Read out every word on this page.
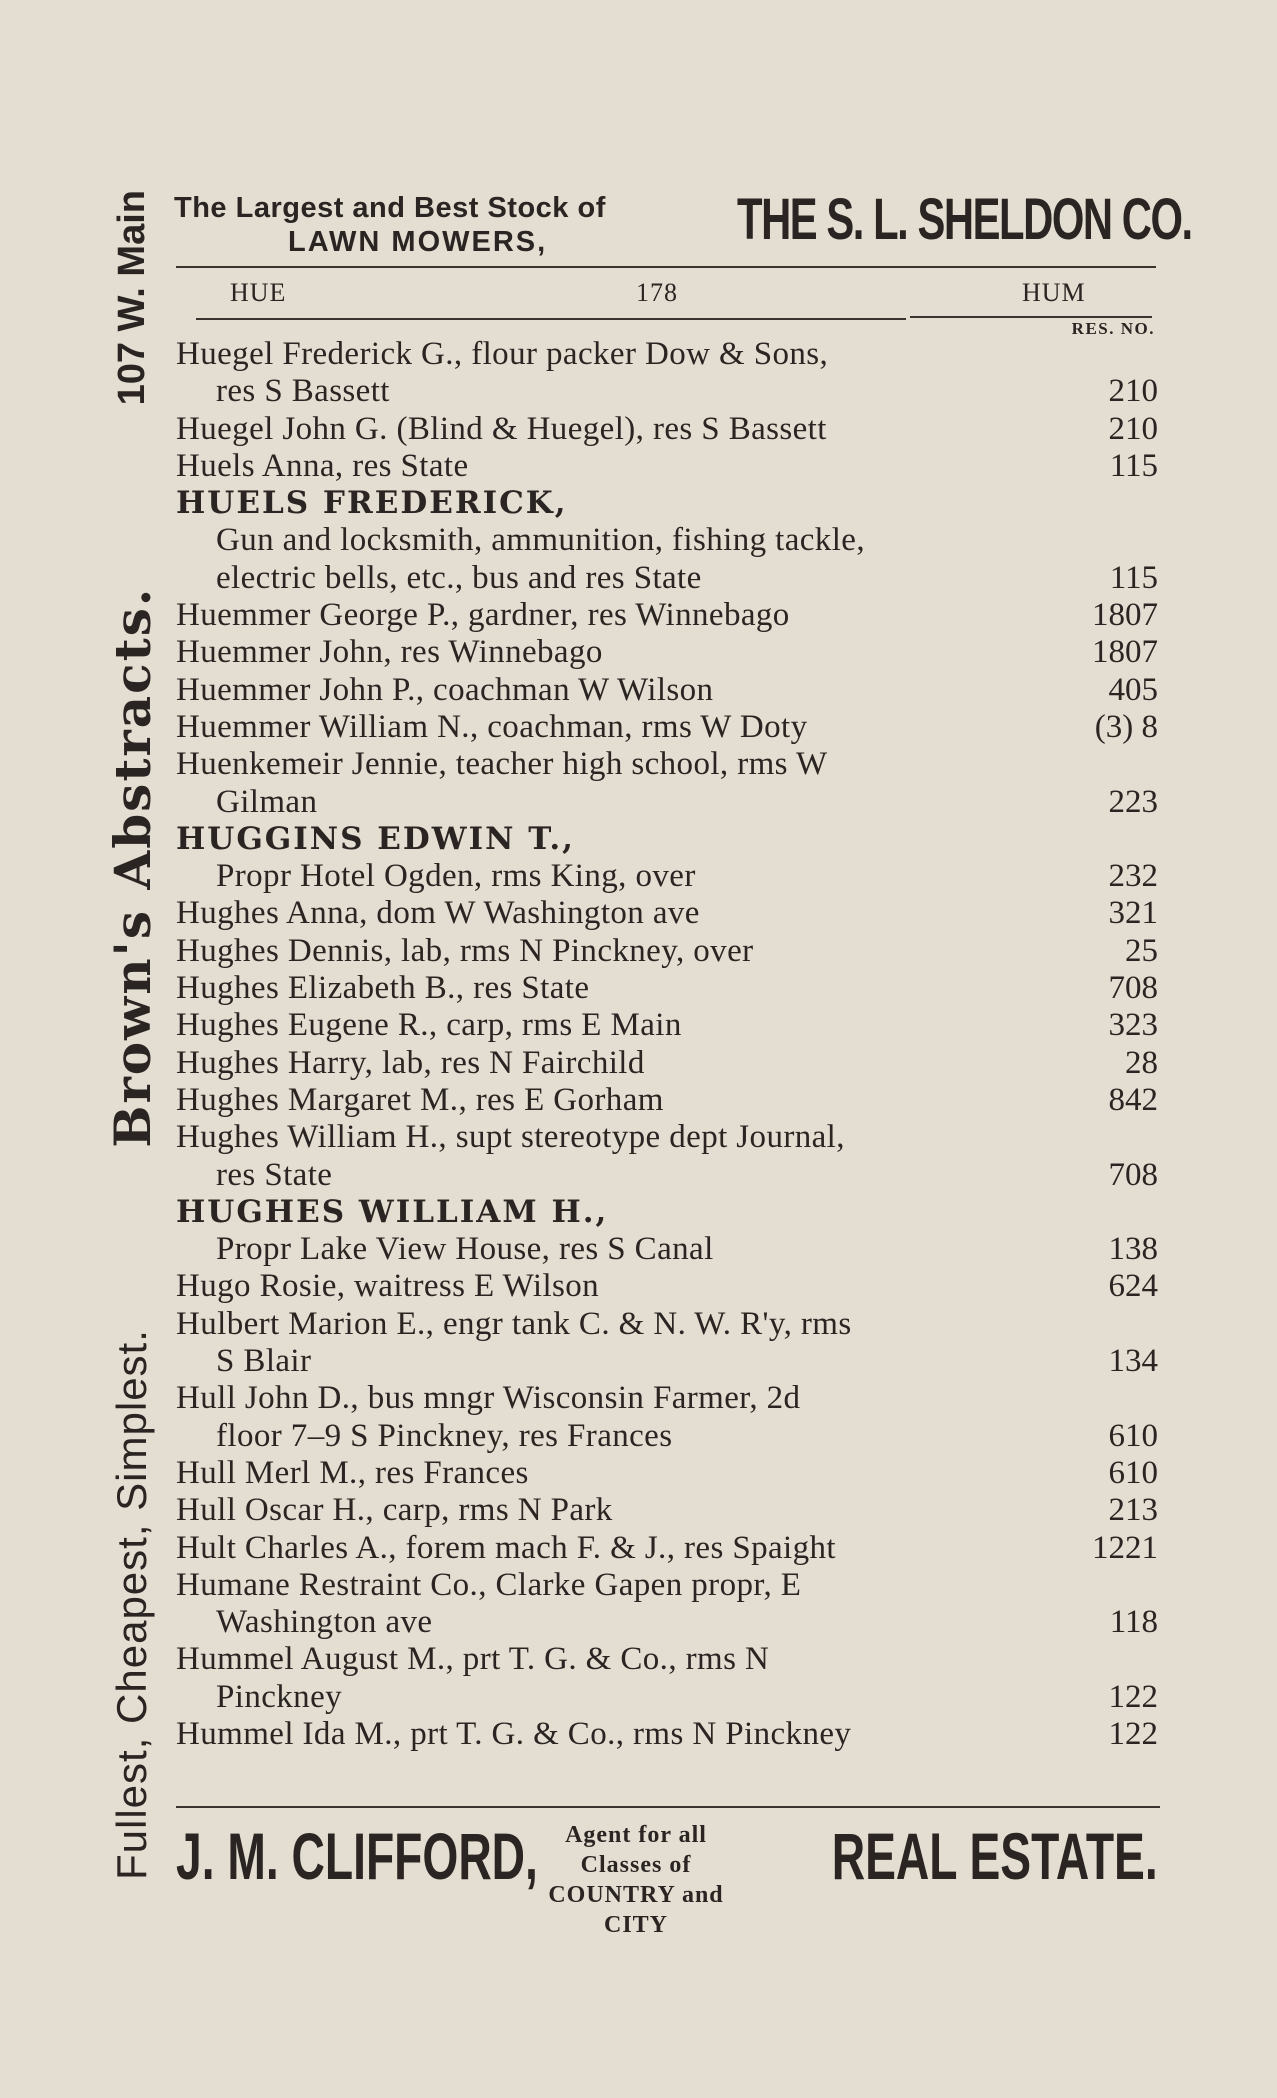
Fullest, Cheapest, Simplest.
Brown's Abstracts.
107 W. Main The Largest and Best Stock of
LAWN MOWERS,	THE S. L. SHELDON CO.
HUE	178	HUM
RES. NO.
Huegel Frederick G., flour packer Dow & Sons,
res S Bassett	210
Huegel John G. (Blind & Huegel), res S Bassett	210
Huels Anna, res State	115
HUELS FREDERICK,
Gun and locksmith, ammunition, fishing tackle,
electric bells, etc., bus and res State	115
Huemmer George P., gardner, res Winnebago	1807
Huemmer John, res Winnebago	1807
Huemmer John P., coachman W Wilson	405
Huemmer William N., coachman, rms W Doty	(3) 8
Huenkemeir Jennie, teacher high school, rms W
Gilman	223
HUGGINS EDWIN T.,
Propr Hotel Ogden, rms King, over	232
Hughes Anna, dom W Washington ave	321
Hughes Dennis, lab, rms N Pinckney, over	25
Hughes Elizabeth B., res State	708
Hughes Eugene R., carp, rms E Main	323
Hughes Harry, lab, res N Fairchild	28
Hughes Margaret M., res E Gorham	842
Hughes William H., supt stereotype dept Journal,
res State	708
HUGHES WILLIAM H.,
Propr Lake View House, res S Canal	138
Hugo Rosie, waitress E Wilson	624
Hulbert Marion E., engr tank C. & N. W. R'y, rms
S Blair	134
Hull John D., bus mngr Wisconsin Farmer, 2d
floor 7–9 S Pinckney, res Frances	610
Hull Merl M., res Frances	610
Hull Oscar H., carp, rms N Park	213
Hult Charles A., forem mach F. & J., res Spaight	1221
Humane Restraint Co., Clarke Gapen propr, E
Washington ave	118
Hummel August M., prt T. G. & Co., rms N
Pinckney	122
Hummel Ida M., prt T. G. & Co., rms N Pinckney	122
J. M. CLIFFORD,	Agent for all Classes of
COUNTRY and CITY
REAL ESTATE.
